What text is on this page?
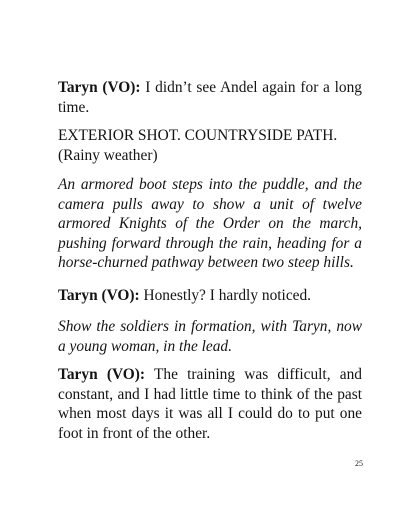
Taryn (VO): I didn’t see Andel again for a long time.

EXTERIOR SHOT. COUNTRYSIDE PATH.
(Rainy weather)

An armored boot steps into the puddle, and the camera pulls away to show a unit of twelve armored Knights of the Order on the march, pushing forward through the rain, heading for a horse-churned pathway between two steep hills.

Taryn (VO): Honestly? I hardly noticed.

Show the soldiers in formation, with Taryn, now a young woman, in the lead.

Taryn (VO): The training was difficult, and constant, and I had little time to think of the past when most days it was all I could do to put one foot in front of the other.

25
